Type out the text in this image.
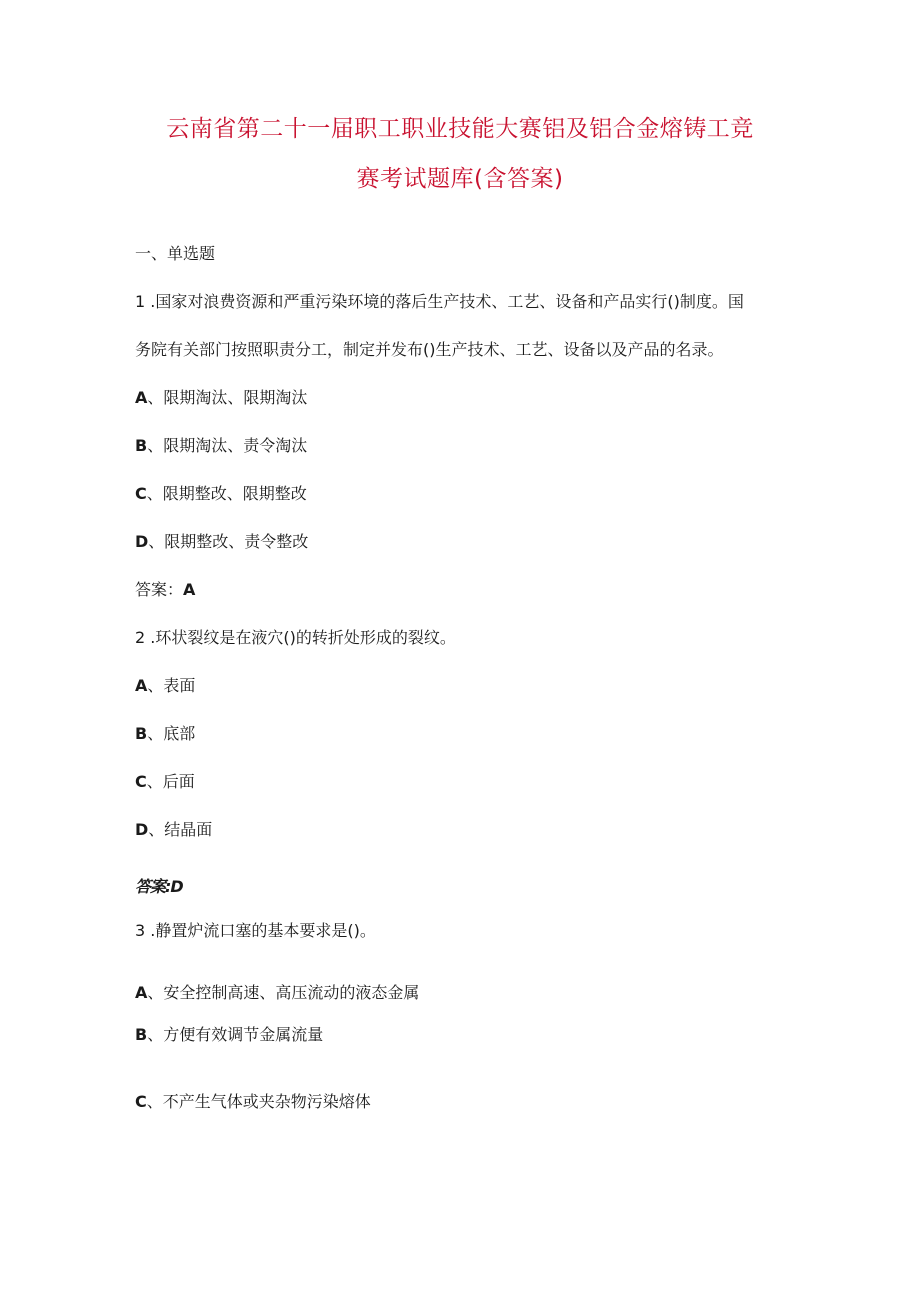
云南省第二十一届职工职业技能大赛铝及铝合金熔铸工竞
赛考试题库(含答案)
一、单选题
1 .国家对浪费资源和严重污染环境的落后生产技术、工艺、设备和产品实行()制度。国
务院有关部门按照职责分工，制定并发布()生产技术、工艺、设备以及产品的名录。
A、限期淘汰、限期淘汰
B、限期淘汰、责令淘汰
C、限期整改、限期整改
D、限期整改、责令整改
答案：A
2 .环状裂纹是在液穴()的转折处形成的裂纹。
A、表面
B、底部
C、后面
D、结晶面
答案:D
3 .静置炉流口塞的基本要求是()。
A、安全控制高速、高压流动的液态金属
B、方便有效调节金属流量
C、不产生气体或夹杂物污染熔体
